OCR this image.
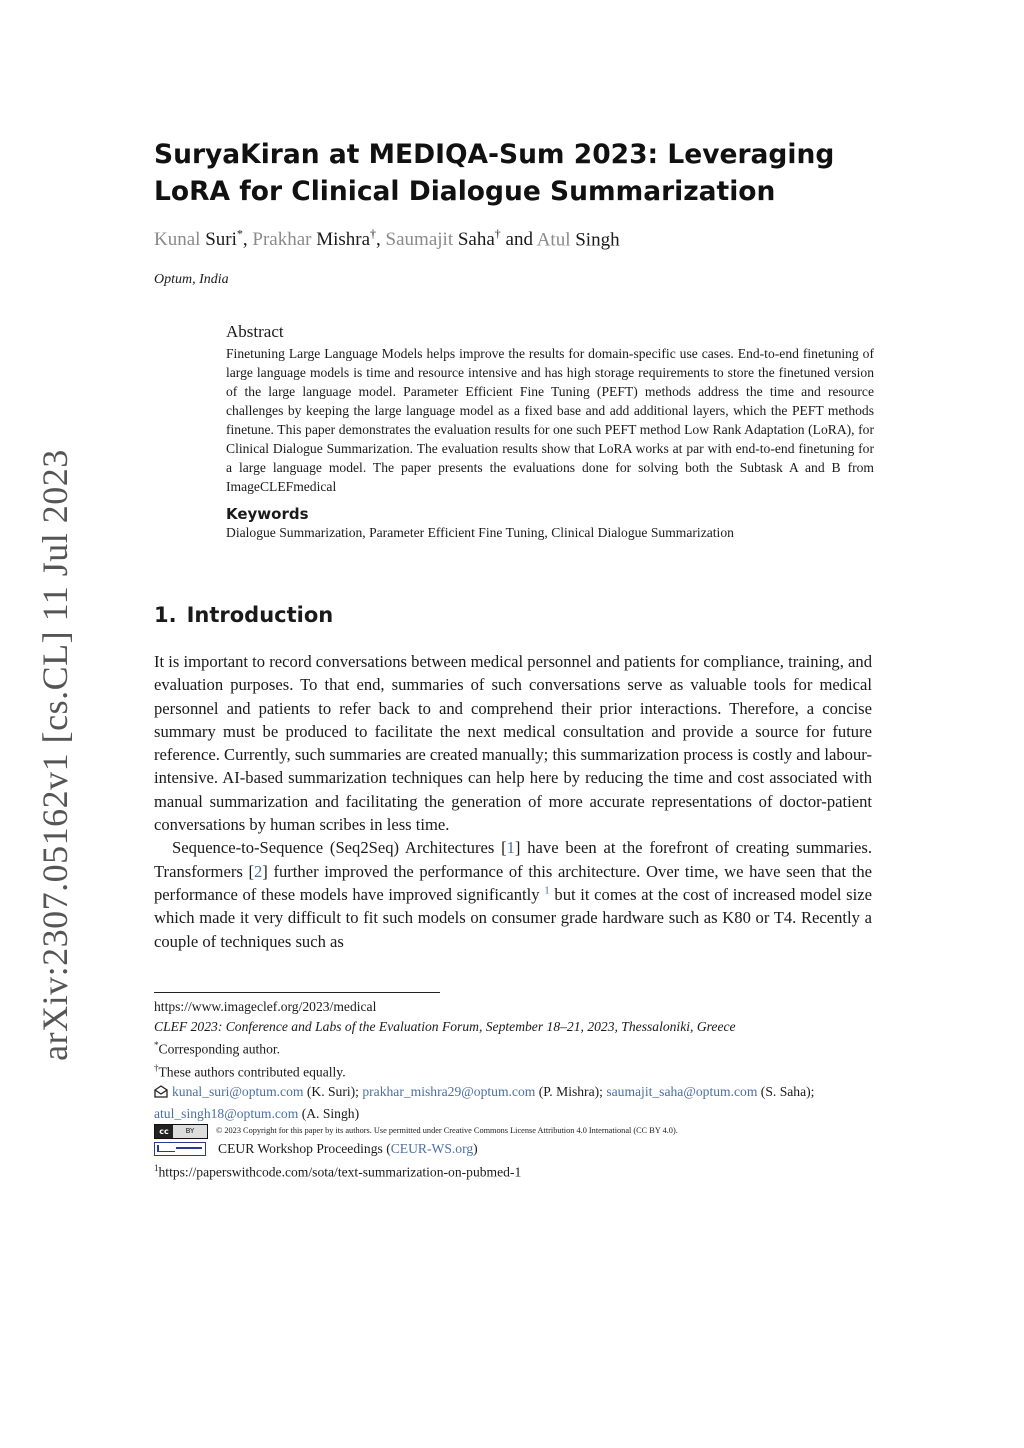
arXiv:2307.05162v1 [cs.CL] 11 Jul 2023
SuryaKiran at MEDIQA-Sum 2023: Leveraging LoRA for Clinical Dialogue Summarization
Kunal Suri*, Prakhar Mishra†, Saumajit Saha† and Atul Singh
Optum, India
Abstract
Finetuning Large Language Models helps improve the results for domain-specific use cases. End-to-end finetuning of large language models is time and resource intensive and has high storage requirements to store the finetuned version of the large language model. Parameter Efficient Fine Tuning (PEFT) methods address the time and resource challenges by keeping the large language model as a fixed base and add additional layers, which the PEFT methods finetune. This paper demonstrates the evaluation results for one such PEFT method Low Rank Adaptation (LoRA), for Clinical Dialogue Summarization. The evaluation results show that LoRA works at par with end-to-end finetuning for a large language model. The paper presents the evaluations done for solving both the Subtask A and B from ImageCLEFmedical
Keywords
Dialogue Summarization, Parameter Efficient Fine Tuning, Clinical Dialogue Summarization
1. Introduction

It is important to record conversations between medical personnel and patients for compliance, training, and evaluation purposes. To that end, summaries of such conversations serve as valuable tools for medical personnel and patients to refer back to and comprehend their prior interactions. Therefore, a concise summary must be produced to facilitate the next medical consultation and provide a source for future reference. Currently, such summaries are created manually; this summarization process is costly and labour-intensive. AI-based summarization techniques can help here by reducing the time and cost associated with manual summarization and facilitating the generation of more accurate representations of doctor-patient conversations by human scribes in less time.

Sequence-to-Sequence (Seq2Seq) Architectures [1] have been at the forefront of creating summaries. Transformers [2] further improved the performance of this architecture. Over time, we have seen that the performance of these models have improved significantly $^1$ but it comes at the cost of increased model size which made it very difficult to fit such models on consumer grade hardware such as K80 or T4. Recently a couple of techniques such as

https://www.imageclef.org/2023/medical
CLEF 2023: Conference and Labs of the Evaluation Forum, September 18–21, 2023, Thessaloniki, Greece
*Corresponding author.
†These authors contributed equally.
kunal_suri@optum.com (K. Suri); prakhar_mishra29@optum.com (P. Mishra); saumajit_saha@optum.com (S. Saha); atul_singh18@optum.com (A. Singh)
cc	BY	© 2023 Copyright for this paper by its authors. Use permitted under Creative Commons License Attribution 4.0 International (CC BY 4.0).
CEUR Workshop Proceedings ( CEUR-WS.org )
$^1$https://paperswithcode.com/sota/text-summarization-on-pubmed-1
